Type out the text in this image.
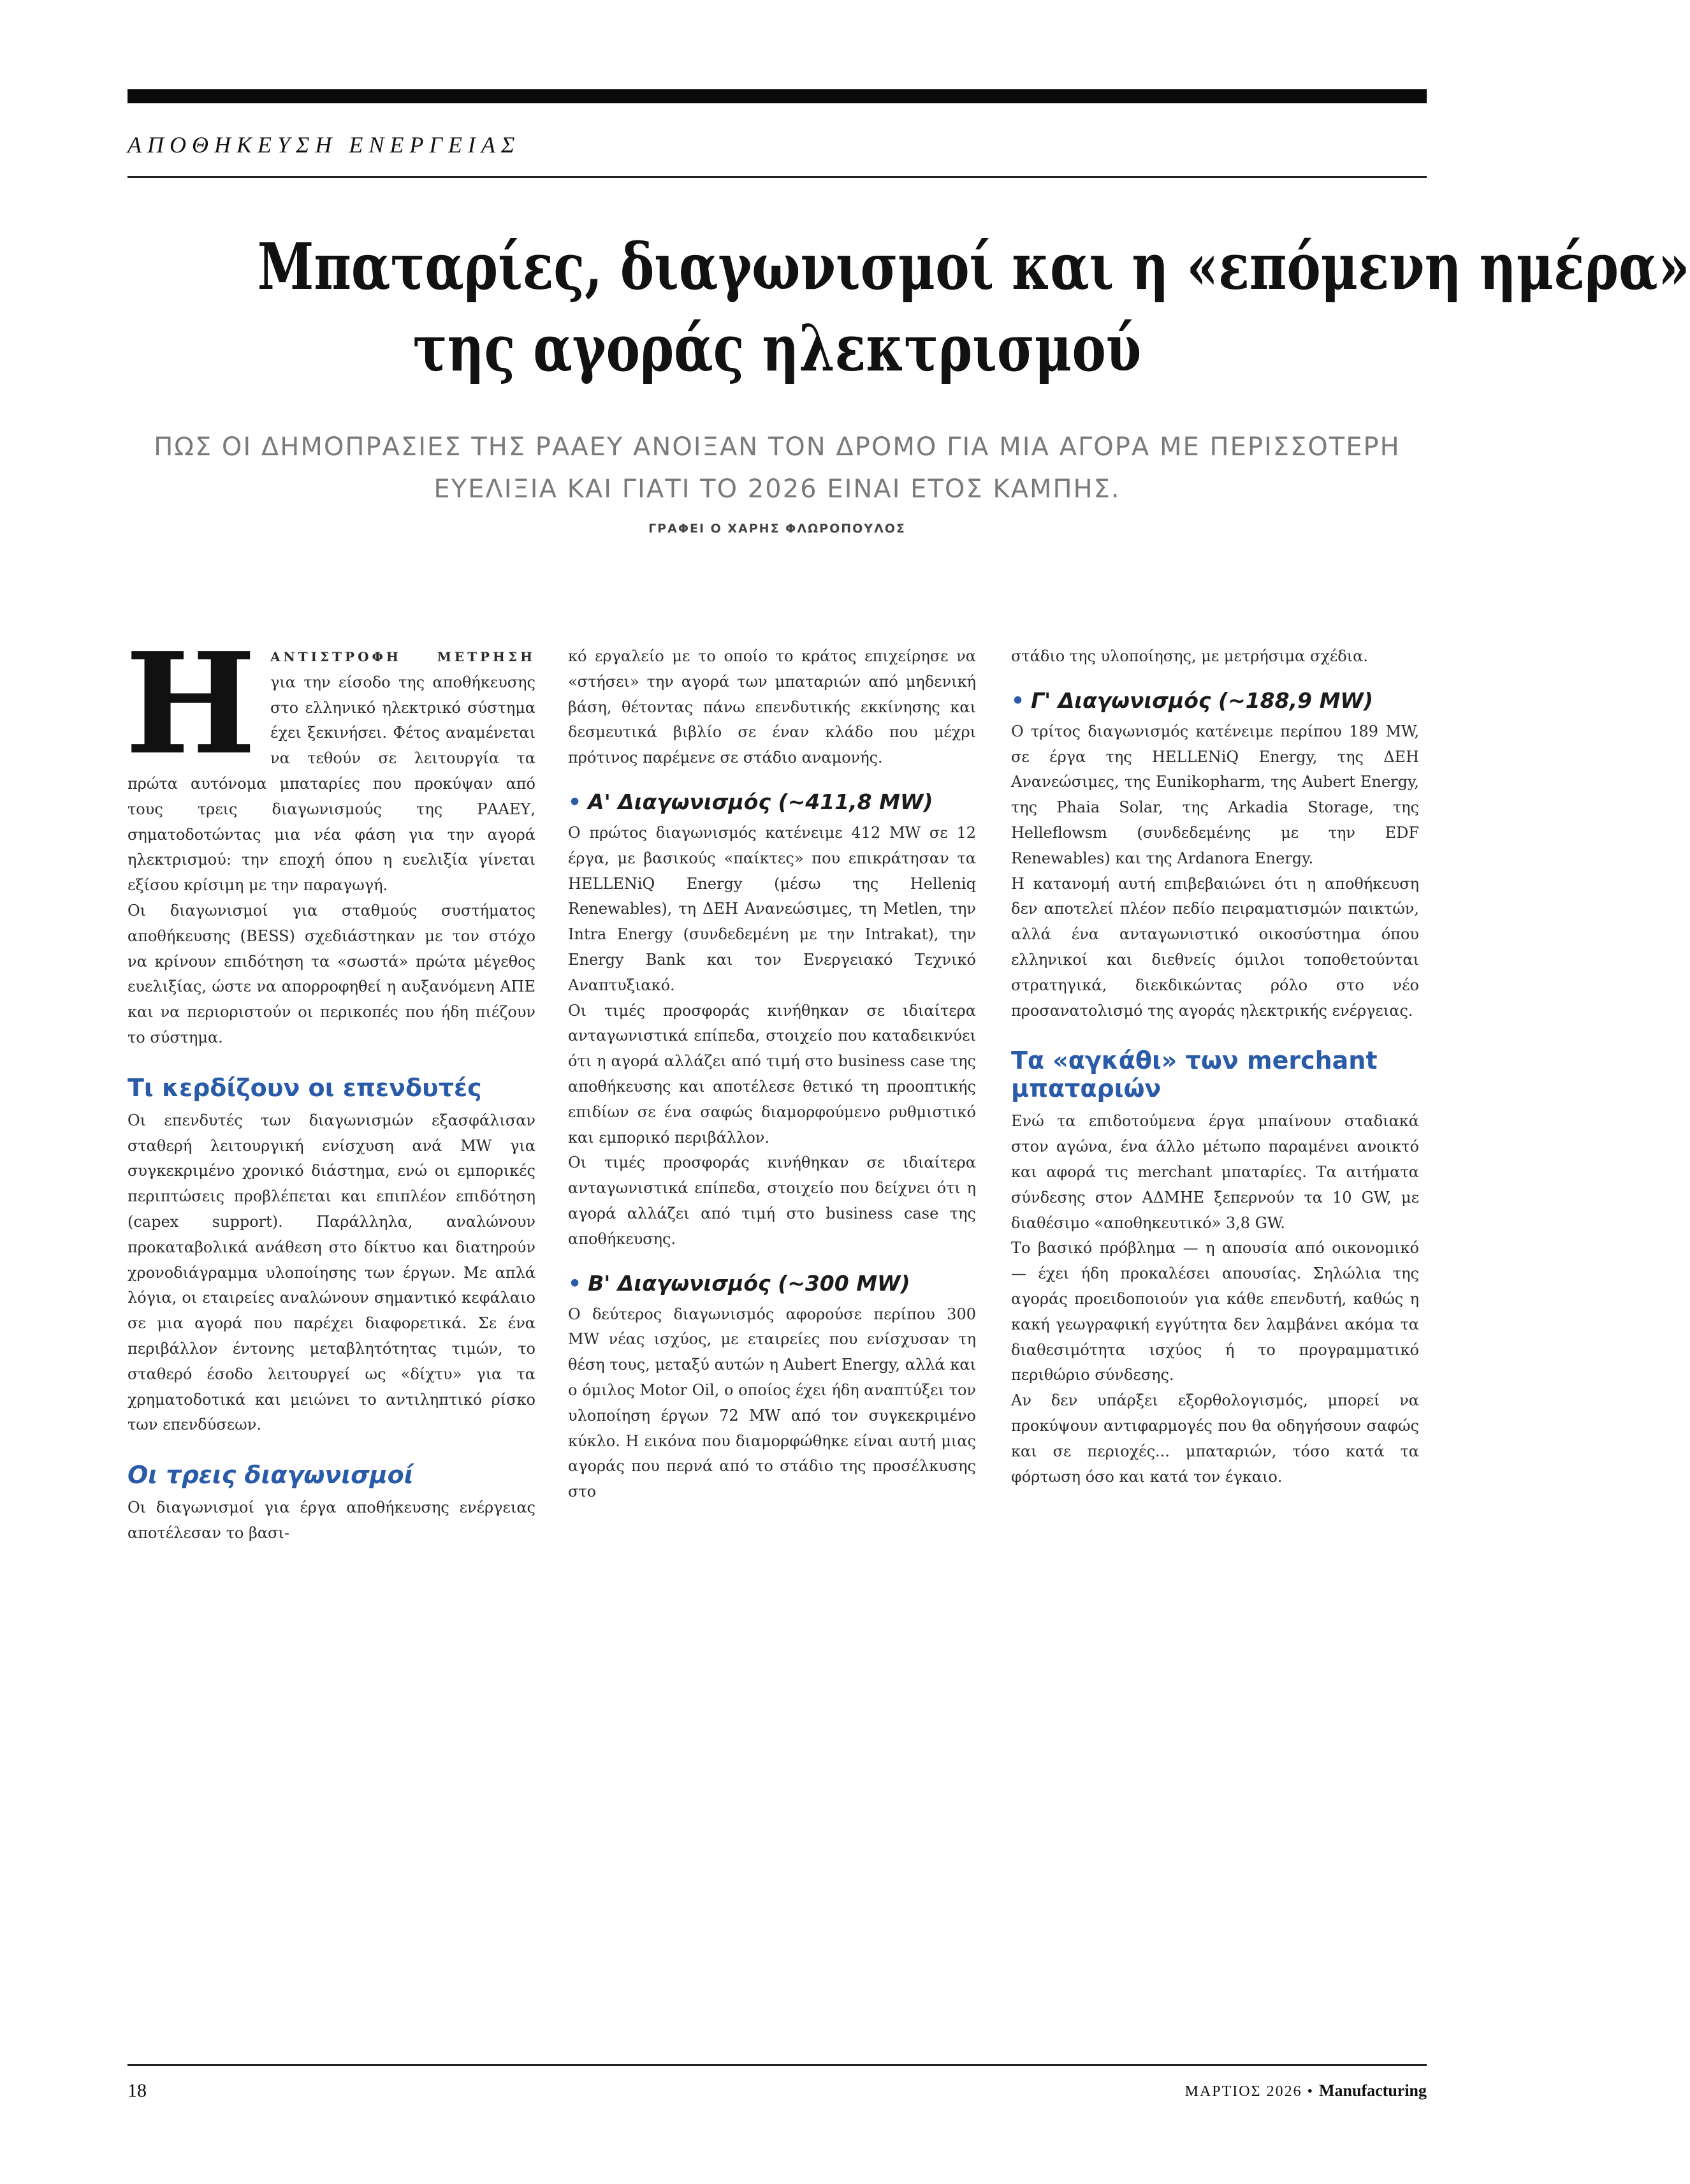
ΑΠΟΘΗΚΕΥΣΗ ΕΝΕΡΓΕΙΑΣ
Μπαταρίες, διαγωνισμοί και η «επόμενη ημέρα»
της αγοράς ηλεκτρισμού
ΠΩΣ ΟΙ ΔΗΜΟΠΡΑΣΙΕΣ ΤΗΣ ΡΑΑΕΥ ΑΝΟΙΞΑΝ ΤΟΝ ΔΡΟΜΟ ΓΙΑ ΜΙΑ ΑΓΟΡΑ ΜΕ ΠΕΡΙΣΣΟΤΕΡΗ
ΕΥΕΛΙΞΙΑ ΚΑΙ ΓΙΑΤΙ ΤΟ 2026 ΕΙΝΑΙ ΕΤΟΣ ΚΑΜΠΗΣ.
ΓΡΑΦΕΙ Ο ΧΑΡΗΣ ΦΛΩΡΟΠΟΥΛΟΣ

Η ΑΝΤΙΣΤΡΟΦΗ ΜΕΤΡΗΣΗ για την είσοδο της αποθήκευσης στο ελληνικό ηλεκτρικό σύστημα έχει ξεκινήσει. Φέτος αναμένεται να τεθούν σε λειτουργία τα πρώτα αυτόνομα μπαταρίες που προκύψαν από τους τρεις διαγωνισμούς της ΡΑΑΕΥ, σηματοδοτώντας μια νέα φάση για την αγορά ηλεκτρισμού: την εποχή όπου η ευελιξία γίνεται εξίσου κρίσιμη με την παραγωγή.

Οι διαγωνισμοί για σταθμούς συστήματος αποθήκευσης (ΒΕSS) σχεδιάστηκαν με τον στόχο να κρίνουν επιδότηση τα «σωστά» πρώτα μέγεθος ευελιξίας, ώστε να απορροφηθεί η αυξανόμενη ΑΠΕ και να περιοριστούν οι περικοπές που ήδη πιέζουν το σύστημα.

Τι κερδίζουν οι επενδυτές

Οι επενδυτές των διαγωνισμών εξασφάλισαν σταθερή λειτουργική ενίσχυση ανά MW για συγκεκριμένο χρονικό διάστημα, ενώ οι εμπορικές περιπτώσεις προβλέπεται και επιπλέον επιδότηση (capex support). Παράλληλα, αναλώνουν προκαταβολικά ανάθεση στο δίκτυο και διατηρούν χρονοδιάγραμμα υλοποίησης των έργων. Με απλά λόγια, οι εταιρείες αναλώνουν σημαντικό κεφάλαιο σε μια αγορά που παρέχει διαφορετικά. Σε ένα περιβάλλον έντονης μεταβλητότητας τιμών, το σταθερό έσοδο λειτουργεί ως «δίχτυ» για τα χρηματοδοτικά και μειώνει το αντιληπτικό ρίσκο των επενδύσεων.

Οι τρεις διαγωνισμοί

Οι διαγωνισμοί για έργα αποθήκευσης ενέργειας αποτέλεσαν το βασι-

κό εργαλείο με το οποίο το κράτος επιχείρησε να «στήσει» την αγορά των μπαταριών από μηδενική βάση, θέτοντας πάνω επενδυτικής εκκίνησης και δεσμευτικά βιβλίο σε έναν κλάδο που μέχρι πρότινος παρέμενε σε στάδιο αναμονής.

• Α' Διαγωνισμός (~411,8 MW)

Ο πρώτος διαγωνισμός κατένειμε 412 MW σε 12 έργα, με βασικούς «παίκτες» που επικράτησαν τα HELLENiQ Energy (μέσω της Helleniq Renewables), τη ΔΕΗ Ανανεώσιμες, τη Metlen, την Intra Energy (συνδεδεμένη με την Intrakat), την Energy Bank και τον Ενεργειακό Τεχνικό Αναπτυξιακό.

Οι τιμές προσφοράς κινήθηκαν σε ιδιαίτερα ανταγωνιστικά επίπεδα, στοιχείο που καταδεικνύει ότι η αγορά αλλάζει από τιμή στο business case της αποθήκευσης και αποτέλεσε θετικό τη προοπτικής επιδίων σε ένα σαφώς διαμορφούμενο ρυθμιστικό και εμπορικό περιβάλλον.

Οι τιμές προσφοράς κινήθηκαν σε ιδιαίτερα ανταγωνιστικά επίπεδα, στοιχείο που δείχνει ότι η αγορά αλλάζει από τιμή στο business case της αποθήκευσης.

• Β' Διαγωνισμός (~300 MW)

Ο δεύτερος διαγωνισμός αφορούσε περίπου 300 MW νέας ισχύος, με εταιρείες που ενίσχυσαν τη θέση τους, μεταξύ αυτών η Aubert Energy, αλλά και ο όμιλος Motor Oil, ο οποίος έχει ήδη αναπτύξει τον υλοποίηση έργων 72 MW από τον συγκεκριμένο κύκλο. Η εικόνα που διαμορφώθηκε είναι αυτή μιας αγοράς που περνά από το στάδιο της προσέλκυσης στο

στάδιο της υλοποίησης, με μετρήσιμα σχέδια.

• Γ' Διαγωνισμός (~188,9 MW)

Ο τρίτος διαγωνισμός κατένειμε περίπου 189 MW, σε έργα της HELLENiQ Energy, της ΔΕΗ Ανανεώσιμες, της Eunikopharm, της Aubert Energy, της Phaia Solar, της Arkadia Storage, της Helleflowsm (συνδεδεμένης με την EDF Renewables) και της Ardanora Energy.

Η κατανομή αυτή επιβεβαιώνει ότι η αποθήκευση δεν αποτελεί πλέον πεδίο πειραματισμών παικτών, αλλά ένα ανταγωνιστικό οικοσύστημα όπου ελληνικοί και διεθνείς όμιλοι τοποθετούνται στρατηγικά, διεκδικώντας ρόλο στο νέο προσανατολισμό της αγοράς ηλεκτρικής ενέργειας.

Τα «αγκάθι» των merchant
μπαταριών

Ενώ τα επιδοτούμενα έργα μπαίνουν σταδιακά στον αγώνα, ένα άλλο μέτωπο παραμένει ανοικτό και αφορά τις merchant μπαταρίες. Τα αιτήματα σύνδεσης στον ΑΔΜΗΕ ξεπερνούν τα 10 GW, με διαθέσιμο «αποθηκευτικό» 3,8 GW.

Το βασικό πρόβλημα — η απουσία από οικονομικό — έχει ήδη προκαλέσει απουσίας. Σηλώλια της αγοράς προειδοποιούν για κάθε επενδυτή, καθώς η κακή γεωγραφική εγγύτητα δεν λαμβάνει ακόμα τα διαθεσιμότητα ισχύος ή το προγραμματικό περιθώριο σύνδεσης.

Αν δεν υπάρξει εξορθολογισμός, μπορεί να προκύψουν αντιφαρμογές που θα οδηγήσουν σαφώς και σε περιοχές... μπαταριών, τόσο κατά τα φόρτωση όσο και κατά τον έγκαιο.

18	ΜΑΡΤΙΟΣ 2026 • Manufacturing
